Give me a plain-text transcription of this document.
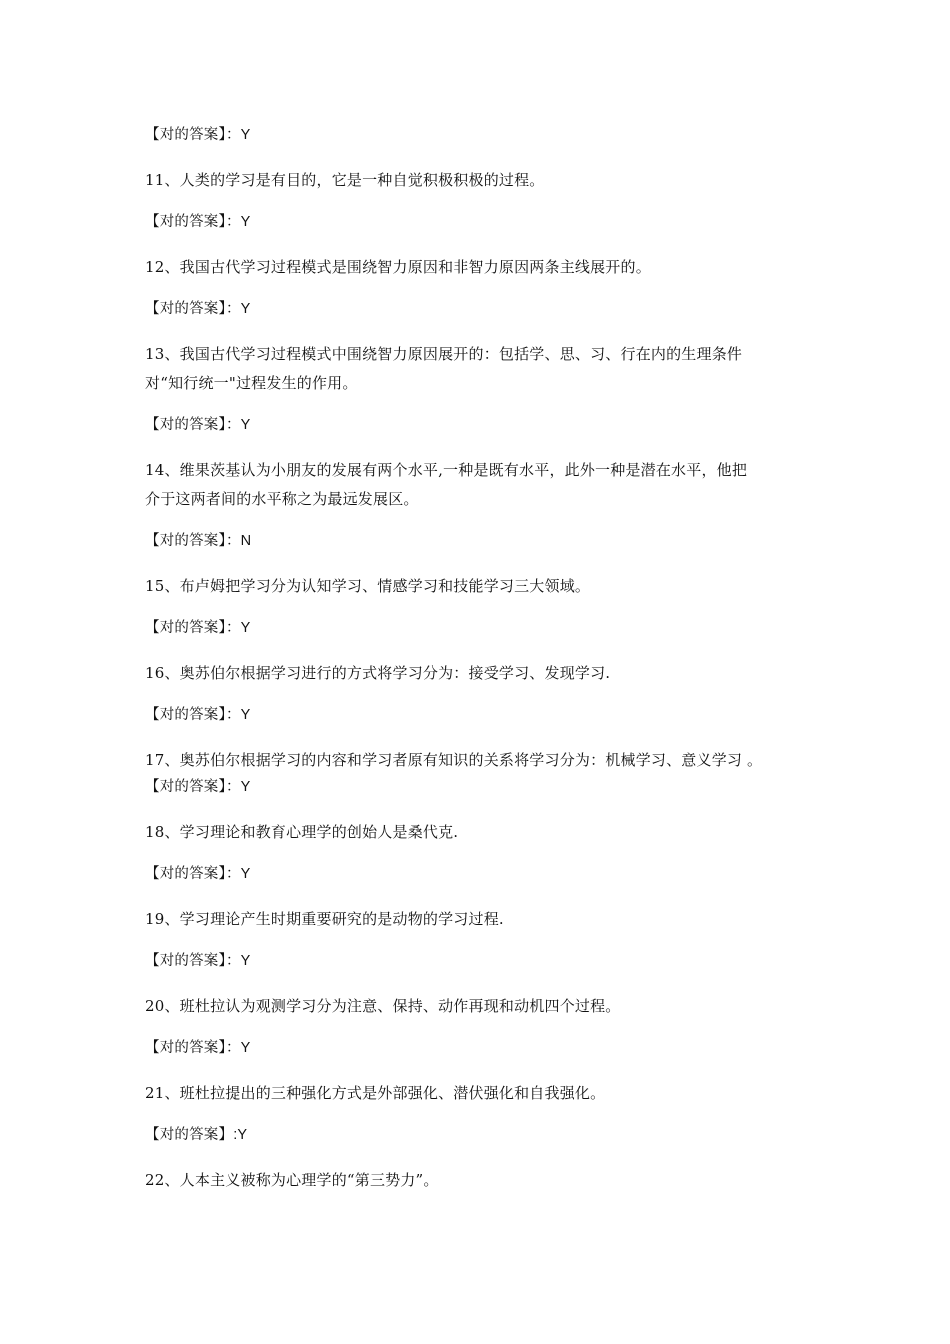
【对的答案】：Y
11、人类的学习是有目的，它是一种自觉积极积极的过程。
【对的答案】：Y
12、我国古代学习过程模式是围绕智力原因和非智力原因两条主线展开的。
【对的答案】：Y
13、我国古代学习过程模式中围绕智力原因展开的：包括学、思、习、行在内的生理条件
对“知行统一"过程发生的作用。
【对的答案】：Y
14、维果茨基认为小朋友的发展有两个水平,一种是既有水平，此外一种是潜在水平，他把
介于这两者间的水平称之为最远发展区。
【对的答案】：N
15、布卢姆把学习分为认知学习、情感学习和技能学习三大领域。
【对的答案】：Y
16、奥苏伯尔根据学习进行的方式将学习分为：接受学习、发现学习.
【对的答案】：Y
17、奥苏伯尔根据学习的内容和学习者原有知识的关系将学习分为：机械学习、意义学习 。
【对的答案】：Y
18、学习理论和教育心理学的创始人是桑代克.
【对的答案】：Y
19、学习理论产生时期重要研究的是动物的学习过程.
【对的答案】：Y
20、班杜拉认为观测学习分为注意、保持、动作再现和动机四个过程。
【对的答案】：Y
21、班杜拉提出的三种强化方式是外部强化、潜伏强化和自我强化。
【对的答案】:Y
22、人本主义被称为心理学的“第三势力”。
